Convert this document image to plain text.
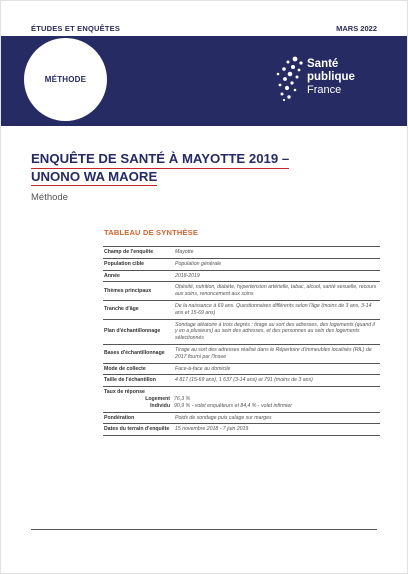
ÉTUDES ET ENQUÊTES	MARS 2022
MÉTHODE
Santé
publique
France
ENQUÊTE DE SANTÉ À MAYOTTE 2019 –
UNONO WA MAORE
Méthode
TABLEAU DE SYNTHÈSE
Champ de l'enquête	Mayotte
Population cible	Population générale
Année	2018-2019
Thèmes principaux	Obésité, nutrition, diabète, hypertension artérielle, tabac, alcool, santé sexuelle, recours aux soins, renoncement aux soins
Tranche d'âge	De la naissance à 69 ans. Questionnaires différents selon l'âge (moins de 3 ans, 3-14 ans et 15-69 ans)
Plan d'échantillonnage	Sondage aléatoire à trois degrés : tirage au sort des adresses, des logements (quand il y en a plusieurs) au sein des adresses, et des personnes au sein des logements sélectionnés
Bases d'échantillonnage	Tirage au sort des adresses réalisé dans le Répertoire d'immeubles localisés (RIL) de 2017 fourni par l'Insee
Mode de collecte	Face-à-face au domicile
Taille de l'échantillon	4 817 (15-69 ans), 1 637 (3-14 ans) et 791 (moins de 3 ans)

Taux de réponse
Logement 76,3 %
Individu 90,9 % - volet enquêteurs et 84,4 % - volet infirmier	

Pondération	Poids de sondage puis calage sur marges
Dates du terrain d'enquête	15 novembre 2018 - 7 juin 2019
